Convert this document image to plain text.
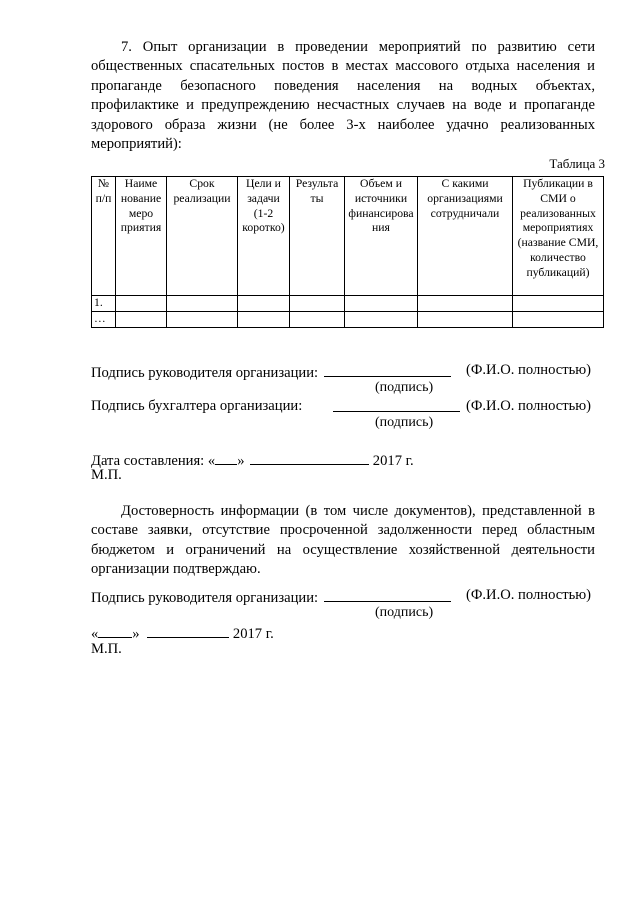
7. Опыт организации в проведении мероприятий по развитию сети общественных спасательных постов в местах массового отдыха населения и пропаганде безопасного поведения населения на водных объектах, профилактике и предупреждению несчастных случаев на воде и пропаганде здорового образа жизни (не более 3-х наиболее удачно реализованных мероприятий):

Таблица 3
№ п/п	Наиме нование меро приятия	Срок реализации	Цели и задачи (1-2 коротко)	Результа ты	Объем и источники финансирова ния	С какими организациями сотрудничали	Публикации в СМИ о реализованных мероприятиях (название СМИ, количество публикаций)
1.							
…							
Подпись руководителя организации:	(Ф.И.О. полностью)
(подпись)
Подпись бухгалтера организации:	(Ф.И.О. полностью)
(подпись)
Дата составления: « »	2017 г.
М.П.

Достоверность информации (в том числе документов), представленной в составе заявки, отсутствие просроченной задолженности перед областным бюджетом и ограничений на осуществление хозяйственной деятельности организации подтверждаю.

Подпись руководителя организации:	(Ф.И.О. полностью)
(подпись)
« »	2017 г.
М.П.
